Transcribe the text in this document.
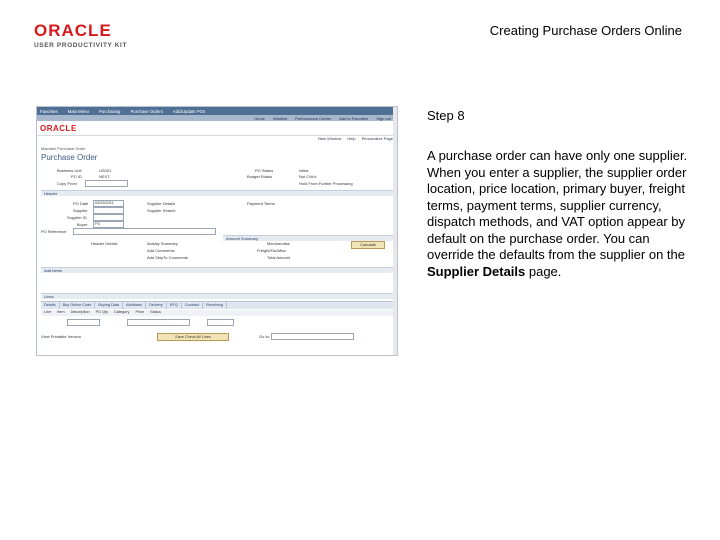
ORACLE
USER PRODUCTIVITY KIT
Creating Purchase Orders Online
Favorites Main Menu Purchasing Purchase Orders Add/Update POs
Home Worklist Performance Center Add to Favorites Sign out
ORACLE
New Window Help Personalize Page
Maintain Purchase Order
Purchase Order
Business Unit	US001
PO ID	NEXT
Copy From
PO Status	Initial
Budget Status	Not Chk'd
Hold From Further Processing
Header
PO Date	04/29/2011
Supplier
Supplier ID
Buyer	FS
Supplier Details
Supplier Search
Payment Terms
PO Reference
Amount Summary
Header Details	Activity Summary
Add Comments
Add ShipTo Comments
Merchandise
Freight/Tax/Misc
Total Amount
Calculate
Add Items
Lines
Details	Buy Online Code	Buying Data	Attributes	Delivery	RFQ	Contract	Receiving
Line	Item	Description	PO Qty	Category	Price	Status
View Printable Version	Save Check All Lines	Go to:
Step 8
A purchase order can have only one supplier. When you enter a supplier, the supplier order location, price location, primary buyer, freight terms, payment terms, supplier currency, dispatch methods, and VAT option appear by default on the purchase order. You can override the defaults from the supplier on the Supplier Details page.
